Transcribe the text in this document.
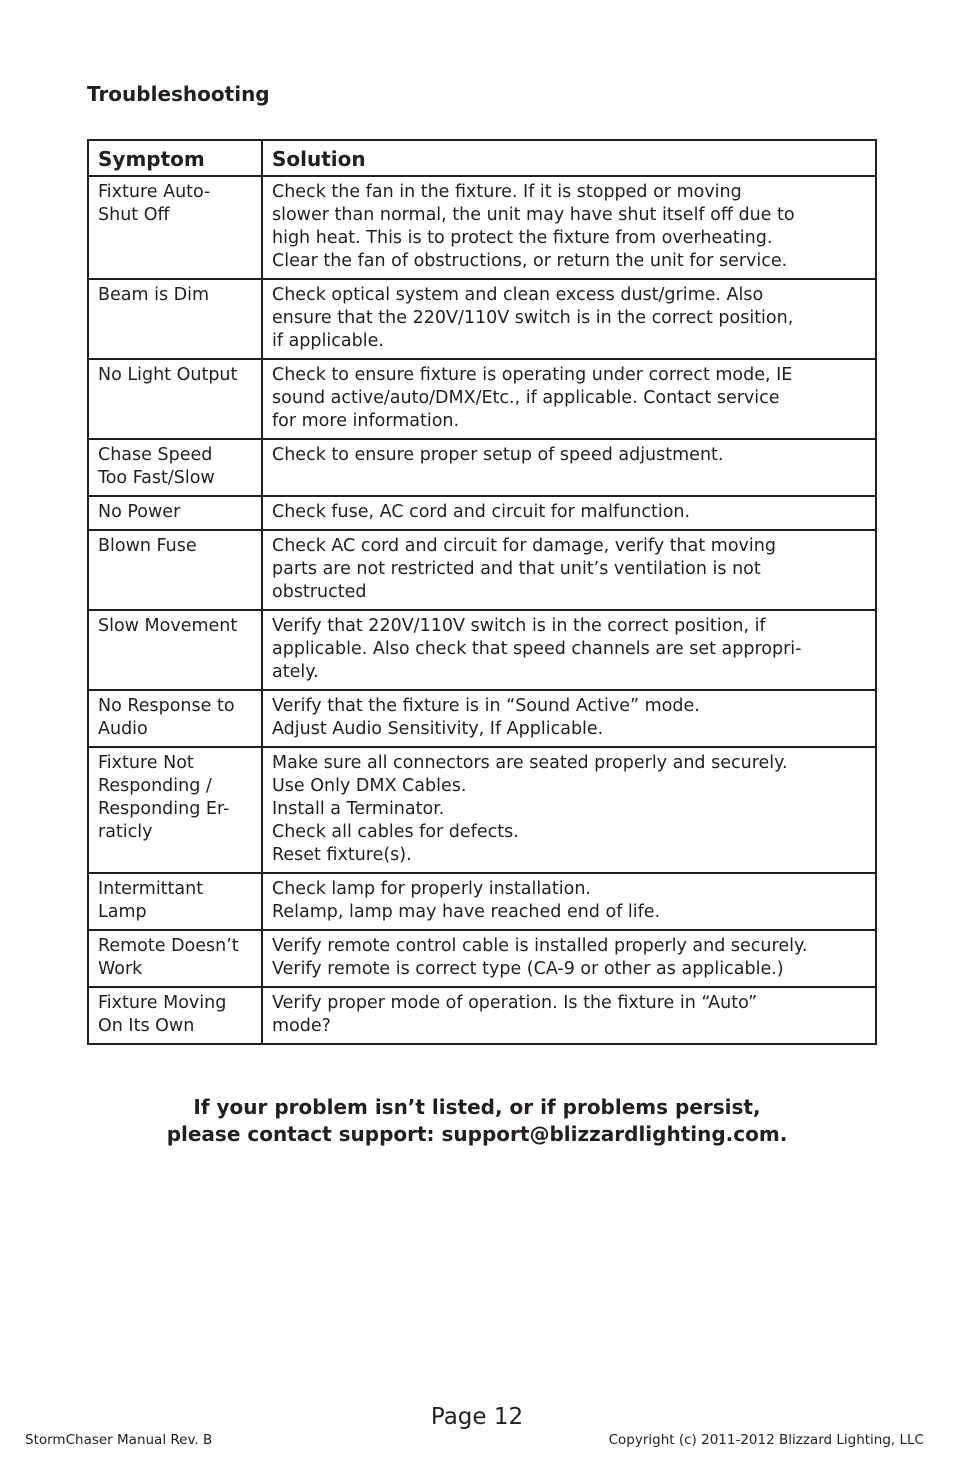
Troubleshooting
Symptom	Solution

Fixture Auto-
Shut Off	Check the fan in the fixture. If it is stopped or moving
slower than normal, the unit may have shut itself off due to
high heat. This is to protect the fixture from overheating.
Clear the fan of obstructions, or return the unit for service.

Beam is Dim	Check optical system and clean excess dust/grime. Also
ensure that the 220V/110V switch is in the correct position,
if applicable.

No Light Output	Check to ensure fixture is operating under correct mode, IE
sound active/auto/DMX/Etc., if applicable. Contact service
for more information.

Chase Speed
Too Fast/Slow	Check to ensure proper setup of speed adjustment.

No Power	Check fuse, AC cord and circuit for malfunction.

Blown Fuse	Check AC cord and circuit for damage, verify that moving
parts are not restricted and that unit’s ventilation is not
obstructed

Slow Movement	Verify that 220V/110V switch is in the correct position, if
applicable. Also check that speed channels are set appropri-
ately.

No Response to
Audio	Verify that the fixture is in “Sound Active” mode.
Adjust Audio Sensitivity, If Applicable.

Fixture Not
Responding /
Responding Er-
raticly	Make sure all connectors are seated properly and securely.
Use Only DMX Cables.
Install a Terminator.
Check all cables for defects.
Reset fixture(s).

Intermittant
Lamp	Check lamp for properly installation.
Relamp, lamp may have reached end of life.

Remote Doesn’t
Work	Verify remote control cable is installed properly and securely.
Verify remote is correct type (CA-9 or other as applicable.)

Fixture Moving
On Its Own	Verify proper mode of operation. Is the fixture in “Auto”
mode?
If your problem isn’t listed, or if problems persist,
please contact support: support@blizzardlighting.com.
Page 12
StormChaser Manual Rev. B	Copyright (c) 2011-2012 Blizzard Lighting, LLC
